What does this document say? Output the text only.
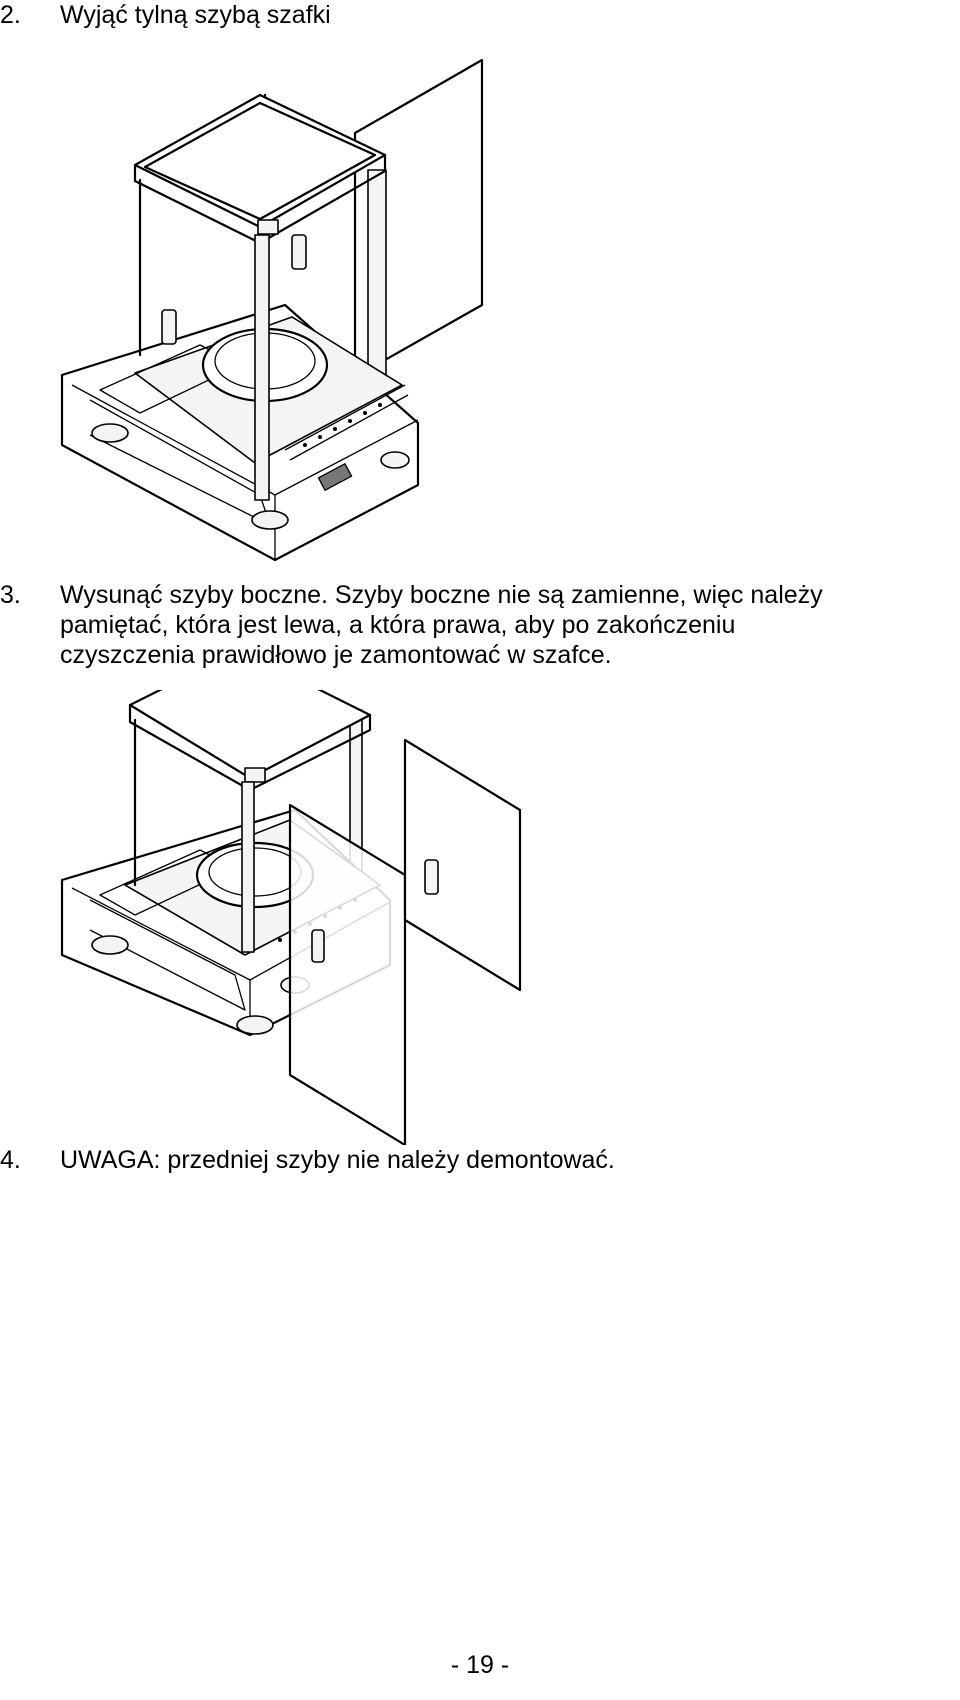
2. Wyjąć tylną szybą szafki
3. Wysunąć szyby boczne. Szyby boczne nie są zamienne, więc należy
pamiętać, która jest lewa, a która prawa, aby po zakończeniu
czyszczenia prawidłowo je zamontować w szafce.
4. UWAGA: przedniej szyby nie należy demontować.
- 19 -
